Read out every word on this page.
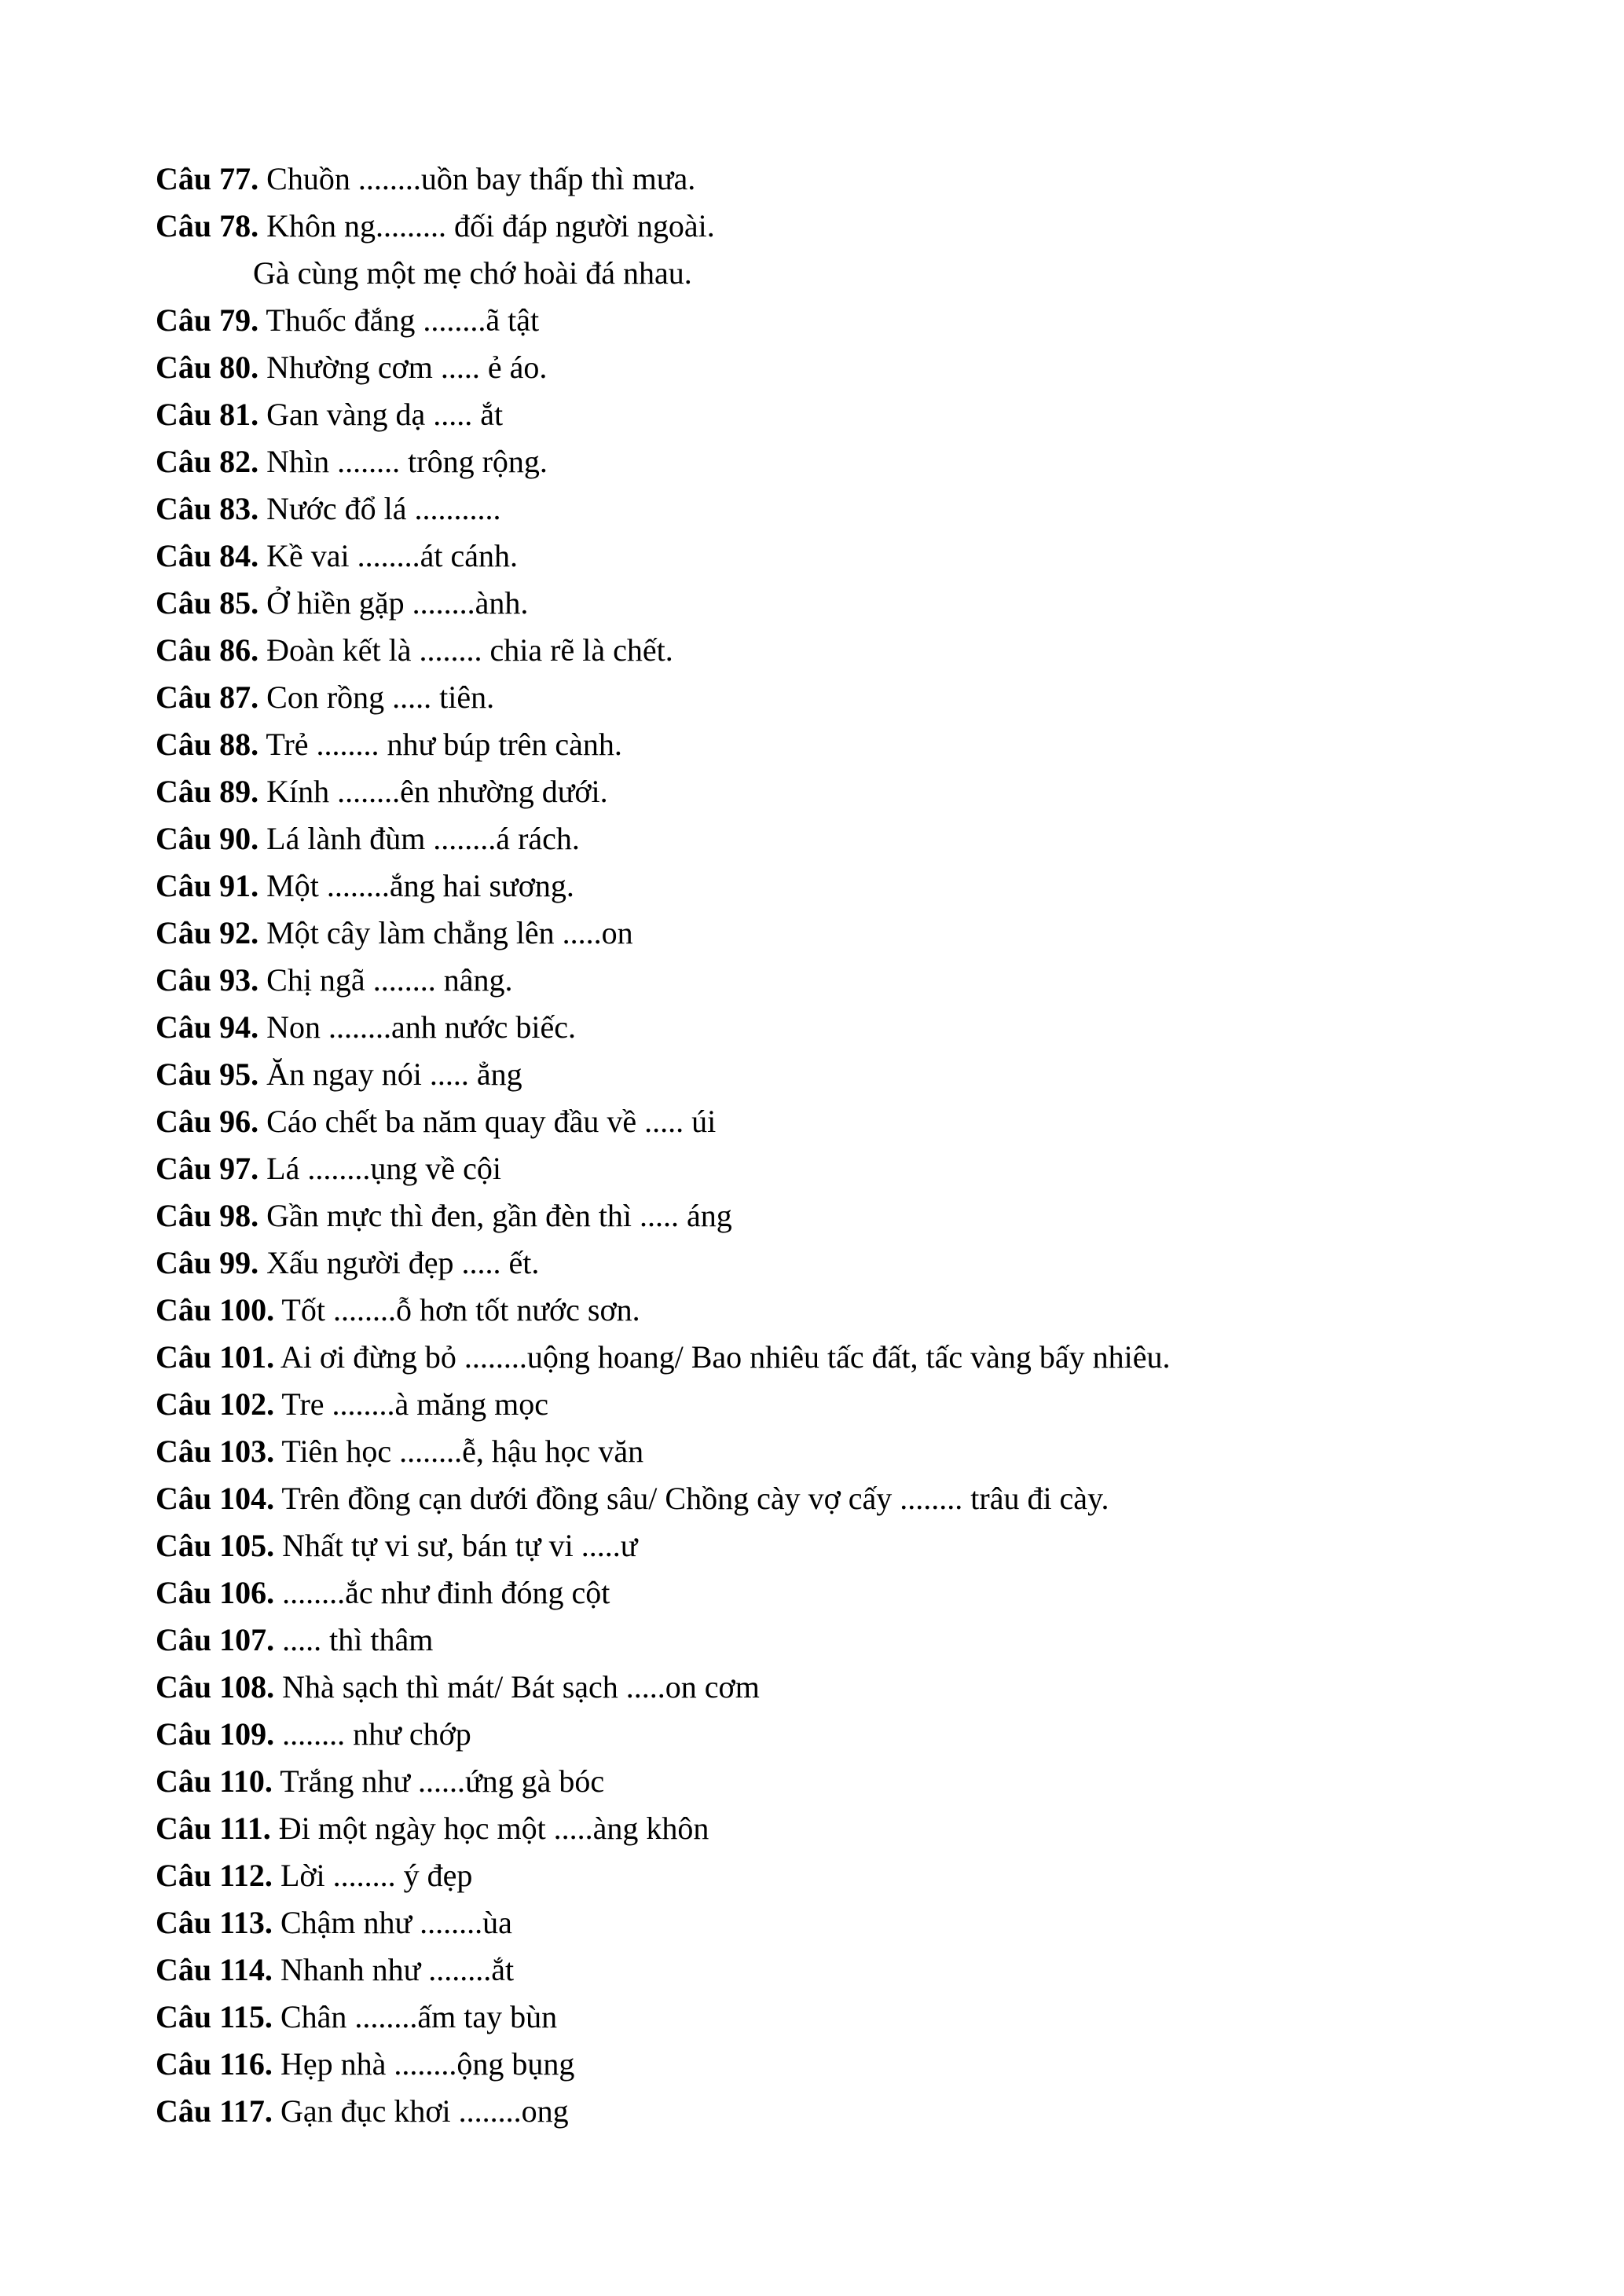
Câu 77. Chuồn ........uồn bay thấp thì mưa.
Câu 78. Khôn ng......... đối đáp người ngoài.
Gà cùng một mẹ chớ hoài đá nhau.
Câu 79. Thuốc đắng ........ã tật
Câu 80. Nhường cơm ..... ẻ áo.
Câu 81. Gan vàng dạ ..... ắt
Câu 82. Nhìn ........ trông rộng.
Câu 83. Nước đổ lá ...........
Câu 84. Kề vai ........át cánh.
Câu 85. Ở hiền gặp ........ành.
Câu 86. Đoàn kết là ........ chia rẽ là chết.
Câu 87. Con rồng ..... tiên.
Câu 88. Trẻ ........ như búp trên cành.
Câu 89. Kính ........ên nhường dưới.
Câu 90. Lá lành đùm ........á rách.
Câu 91. Một ........ắng hai sương.
Câu 92. Một cây làm chẳng lên .....on
Câu 93. Chị ngã ........ nâng.
Câu 94. Non ........anh nước biếc.
Câu 95. Ăn ngay nói ..... ẳng
Câu 96. Cáo chết ba năm quay đầu về ..... úi
Câu 97. Lá ........ụng về cội
Câu 98. Gần mực thì đen, gần đèn thì ..... áng
Câu 99. Xấu người đẹp ..... ết.
Câu 100. Tốt ........ỗ hơn tốt nước sơn.
Câu 101. Ai ơi đừng bỏ ........uộng hoang/ Bao nhiêu tấc đất, tấc vàng bấy nhiêu.
Câu 102. Tre ........à măng mọc
Câu 103. Tiên học ........ễ, hậu học văn
Câu 104. Trên đồng cạn dưới đồng sâu/ Chồng cày vợ cấy ........ trâu đi cày.
Câu 105. Nhất tự vi sư, bán tự vi .....ư
Câu 106. ........ắc như đinh đóng cột
Câu 107. ..... thì thâm
Câu 108. Nhà sạch thì mát/ Bát sạch .....on cơm
Câu 109. ........ như chớp
Câu 110. Trắng như ......ứng gà bóc
Câu 111. Đi một ngày học một .....àng khôn
Câu 112. Lời ........ ý đẹp
Câu 113. Chậm như ........ùa
Câu 114. Nhanh như ........ắt
Câu 115. Chân ........ấm tay bùn
Câu 116. Hẹp nhà ........ộng bụng
Câu 117. Gạn đục khơi ........ong
